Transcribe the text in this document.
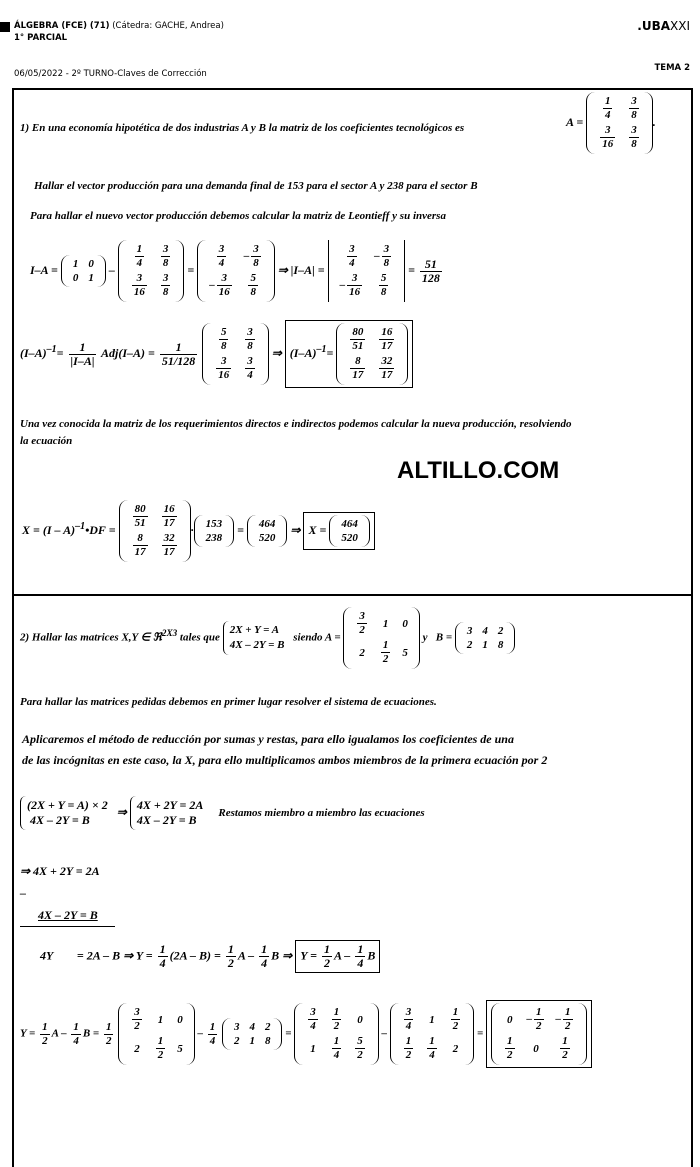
ÁLGEBRA (FCE) (71) (Cátedra: GACHE, Andrea)
1° PARCIAL
.UBAXXI
06/05/2022 - 2º TURNO-Claves de Corrección
TEMA 2
1) En una economía hipotética de dos industrias A y B la matriz de los coeficientes tecnológicos es	$A = \frac{1}{4}$	$\frac{3}{8}$

$\frac{3}{16}$	$\frac{3}{8}$
.
Hallar el vector producción para una demanda final de 153 para el sector A y 238 para el sector B
Para hallar el nuevo vector producción debemos calcular la matriz de Leontieff y su inversa
I–A = 1	0
0	1
– $\frac{1}{4}$	$\frac{3}{8}$

$\frac{3}{16}$	$\frac{3}{8}$
= $\frac{3}{4}$	– $\frac{3}{8}$

– $\frac{3}{16}$	$\frac{5}{8}$
⇒ $|I-A| = \frac{3}{4}$	– $\frac{3}{8}$

– $\frac{3}{16}$	$\frac{5}{8}$
= $\frac{51}{128}$
$(I-A)^{-1}= \frac{1}{|I-A|} Adj(I-A) = \frac{1}{51/128}$

$\frac{5}{8}$	$\frac{3}{8}$

$\frac{3}{16}$	$\frac{3}{4}$
⇒ $(I-A)^{-1}= \frac{80}{51}$	$\frac{16}{17}$

$\frac{8}{17}$	$\frac{32}{17}$
Una vez conocida la matriz de los requerimientos directos e indirectos podemos calcular la nueva producción, resolviendo
la ecuación
ALTILLO.COM
X = (I – A)$^{-1}$•DF = $\frac{80}{51}$	$\frac{16}{17}$

$\frac{8}{17}$	$\frac{32}{17}$
· 153
238
= 464
520
⇒ X = 464
520
2) Hallar las matrices X,Y ∈ ℜ$^{2X3}$ tales que 2X + Y = A
4X – 2Y = B siendo A =
$\frac{3}{2}$	1	0
2	$\frac{1}{2}$	5
y   B =
3	4	2
2	1	8
Para hallar las matrices pedidas debemos en primer lugar resolver el sistema de ecuaciones.
Aplicaremos el método de reducción por sumas y restas, para ello igualamos los coeficientes de una
de las incógnitas en este caso, la X, para ello multiplicamos ambos miembros de la primera ecuación por 2
(2X + Y = A) × 2
4X – 2Y = B ⇒ 4X + 2Y = 2A
4X – 2Y = B   Restamos miembro a miembro las ecuaciones
⇒ 4X + 2Y = 2A
–
4X – 2Y = B
4Y        = 2A – B ⇒ $Y = \frac{1}{4} (2A - B) = \frac{1}{2}$ A – $\frac{1}{4}$ B ⇒ $Y = \frac{1}{2}$ A – $\frac{1}{4}$ B
$Y = \frac{1}{2}$ A – $\frac{1}{4}$ $B = \frac{1}{2}$

$\frac{3}{2}$	1	0
2	$\frac{1}{2}$	5
– $\frac{1}{4}$
3	4	2
2	1	8
=
$\frac{3}{4}$	$\frac{1}{2}$	0
1	$\frac{1}{4}$	$\frac{5}{2}$
–
$\frac{3}{4}$	1	$\frac{1}{2}$

$\frac{1}{2}$	$\frac{1}{4}$	2
=
0	– $\frac{1}{2}$	– $\frac{1}{2}$

$\frac{1}{2}$	0	$\frac{1}{2}$
